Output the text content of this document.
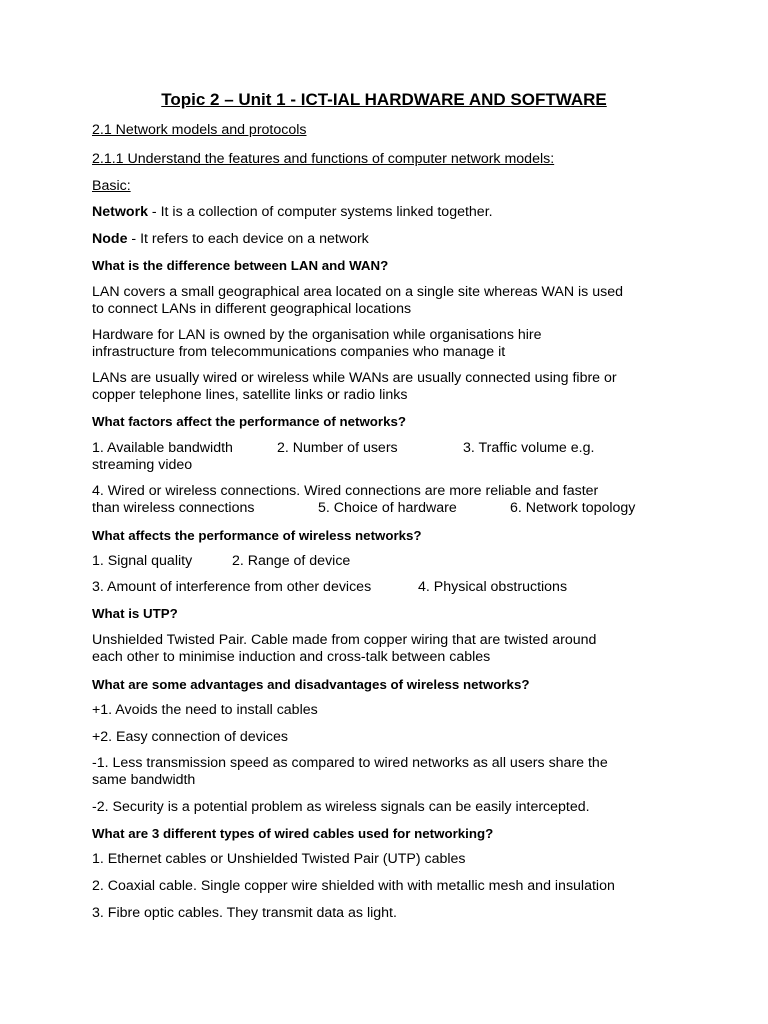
Topic 2 – Unit 1 - ICT-IAL HARDWARE AND SOFTWARE
2.1 Network models and protocols
2.1.1 Understand the features and functions of computer network models:
Basic:
Network - It is a collection of computer systems linked together.
Node - It refers to each device on a network
What is the difference between LAN and WAN?
LAN covers a small geographical area located on a single site whereas WAN is used
to connect LANs in different geographical locations
Hardware for LAN is owned by the organisation while organisations hire
infrastructure from telecommunications companies who manage it
LANs are usually wired or wireless while WANs are usually connected using fibre or
copper telephone lines, satellite links or radio links
What factors affect the performance of networks?
1. Available bandwidth	2. Number of users	3. Traffic volume e.g.
streaming video
4. Wired or wireless connections. Wired connections are more reliable and faster
than wireless connections	5. Choice of hardware	6. Network topology
What affects the performance of wireless networks?
1. Signal quality	2. Range of device
3. Amount of interference from other devices	4. Physical obstructions
What is UTP?
Unshielded Twisted Pair. Cable made from copper wiring that are twisted around
each other to minimise induction and cross-talk between cables
What are some advantages and disadvantages of wireless networks?
+1. Avoids the need to install cables
+2. Easy connection of devices
-1. Less transmission speed as compared to wired networks as all users share the
same bandwidth
-2. Security is a potential problem as wireless signals can be easily intercepted.
What are 3 different types of wired cables used for networking?
1. Ethernet cables or Unshielded Twisted Pair (UTP) cables
2. Coaxial cable. Single copper wire shielded with with metallic mesh and insulation
3. Fibre optic cables. They transmit data as light.
